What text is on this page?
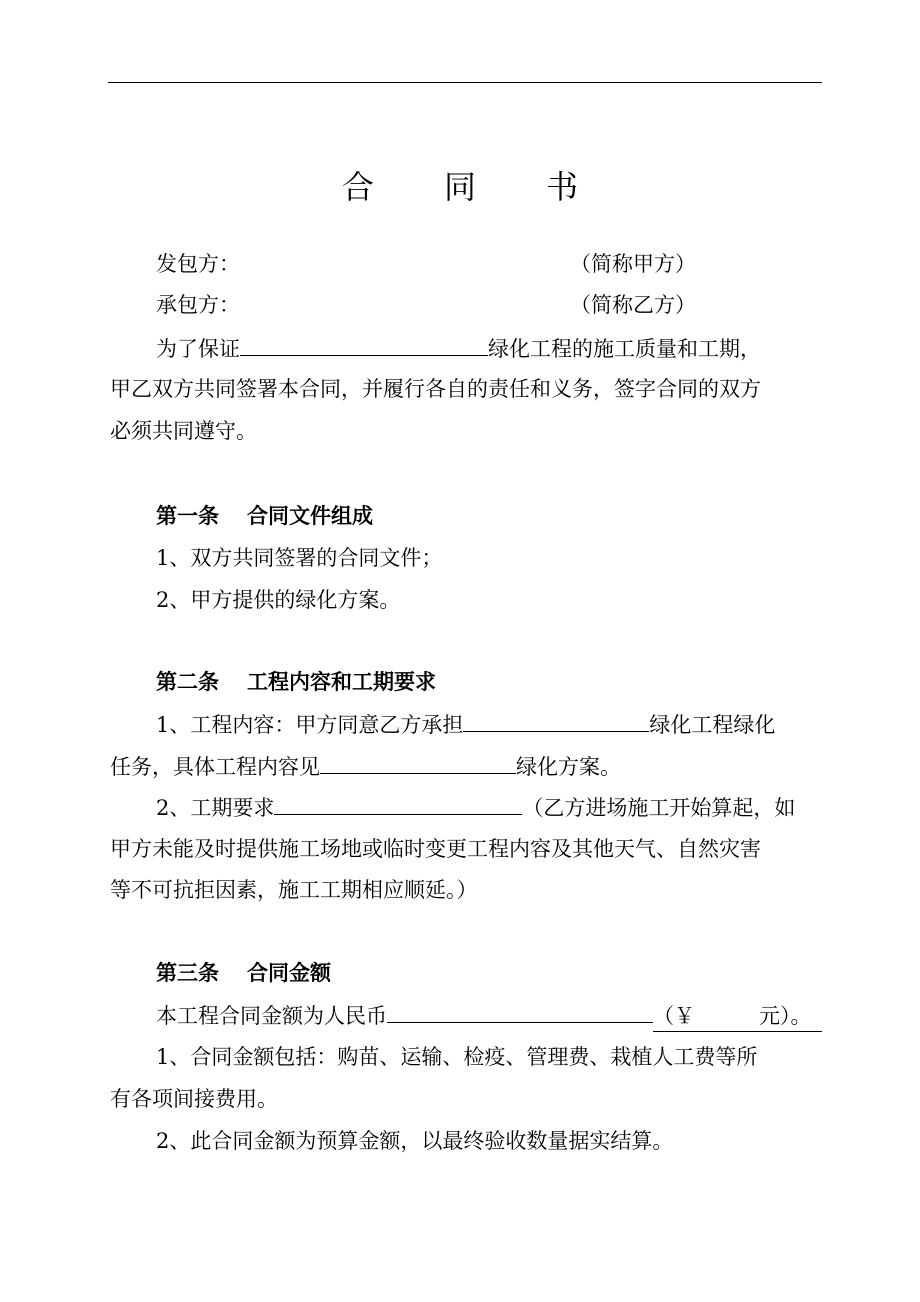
合 同 书
发包方：	（简称甲方）
承包方：	（简称乙方）
为了保证	绿化工程的施工质量和工期，
甲乙双方共同签署本合同，并履行各自的责任和义务，签字合同的双方
必须共同遵守。
第一条 合同文件组成
1、双方共同签署的合同文件；
2、甲方提供的绿化方案。
第二条 工程内容和工期要求
1、工程内容：甲方同意乙方承担	绿化工程绿化
任务，具体工程内容见	绿化方案。
2、工期要求	（乙方进场施工开始算起，如
甲方未能及时提供施工场地或临时变更工程内容及其他天气、自然灾害
等不可抗拒因素，施工工期相应顺延。）
第三条 合同金额
本工程合同金额为人民币	（￥	元）。
1、合同金额包括：购苗、运输、检疫、管理费、栽植人工费等所
有各项间接费用。
2、此合同金额为预算金额，以最终验收数量据实结算。
